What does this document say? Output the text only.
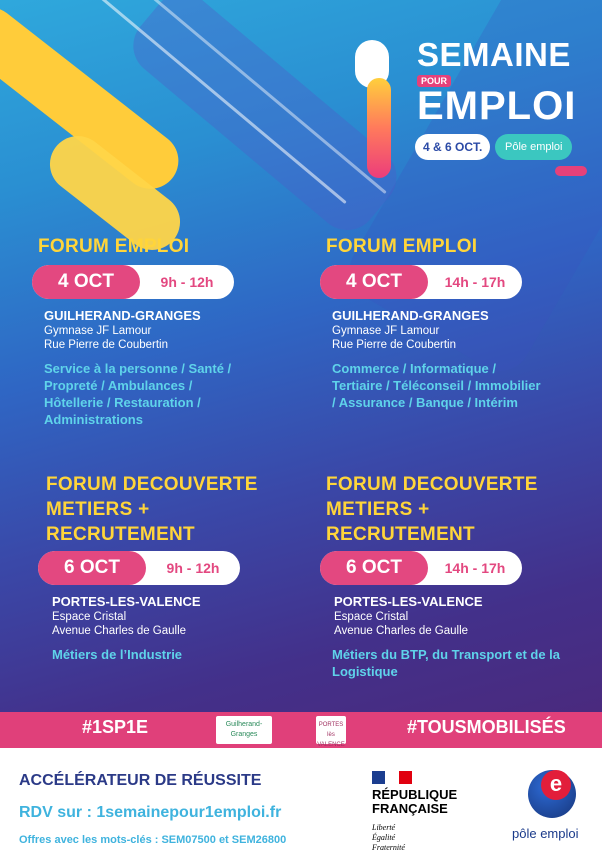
SEMAINE
POUR
EMPLOI
4 & 6 OCT.	Pôle emploi
FORUM EMPLOI
4 OCT	9h - 12h
GUILHERAND-GRANGES
Gymnase JF Lamour
Rue Pierre de Coubertin
Service à la personne / Santé / Propreté / Ambulances / Hôtellerie / Restauration / Administrations
FORUM EMPLOI
4 OCT	14h - 17h
GUILHERAND-GRANGES
Gymnase JF Lamour
Rue Pierre de Coubertin
Commerce / Informatique / Tertiaire / Téléconseil / Immobilier / Assurance / Banque / Intérim
FORUM DECOUVERTE METIERS + RECRUTEMENT
6 OCT	9h - 12h
PORTES-LES-VALENCE
Espace Cristal
Avenue Charles de Gaulle
Métiers de l’Industrie
FORUM DECOUVERTE METIERS + RECRUTEMENT
6 OCT	14h - 17h
PORTES-LES-VALENCE
Espace Cristal
Avenue Charles de Gaulle
Métiers du BTP, du Transport et de la Logistique
#1SP1E	Guilherand-Granges
PORTES lès VALENCE
#TOUSMOBILISÉS
ACCÉLÉRATEUR DE RÉUSSITE
RDV sur : 1semainepour1emploi.fr
Offres avec les mots-clés : SEM07500 et SEM26800
RÉPUBLIQUE
FRANÇAISE
Liberté
Égalité
Fraternité
e
pôle emploi
